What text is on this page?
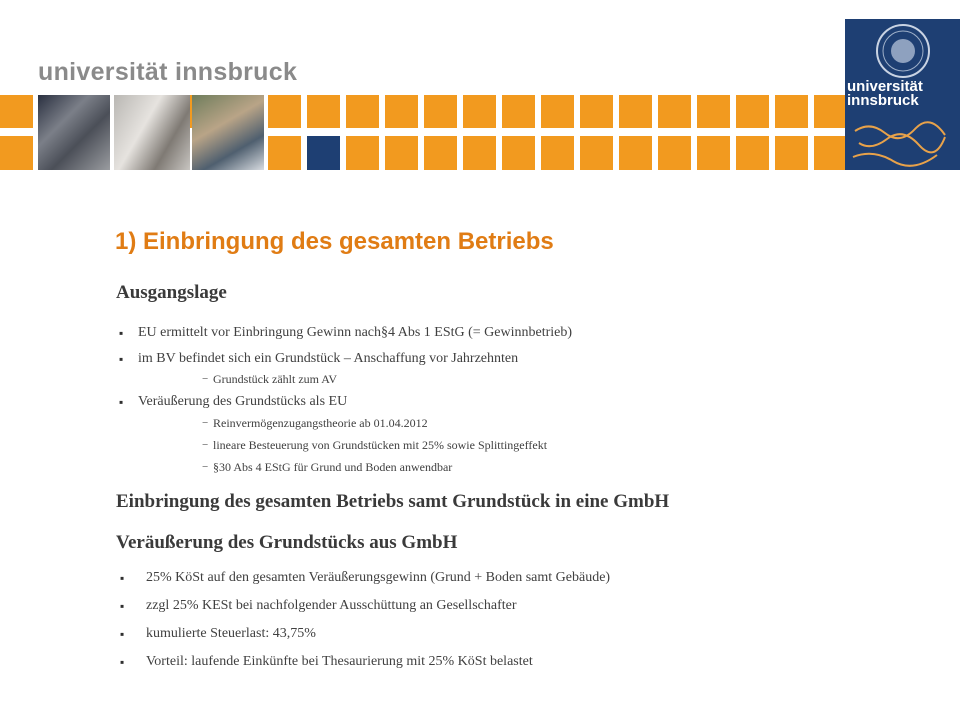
universität innsbruck
universität
innsbruck
1) Einbringung des gesamten Betriebs

Ausgangslage

▪ EU ermittelt vor Einbringung Gewinn nach§4 Abs 1 EStG (= Gewinnbetrieb)

▪ im BV befindet sich ein Grundstück – Anschaffung vor Jahrzehnten

− Grundstück zählt zum AV

▪ Veräußerung des Grundstücks als EU

− Reinvermögenzugangstheorie ab 01.04.2012

− lineare Besteuerung von Grundstücken mit 25% sowie Splittingeffekt

− §30 Abs 4 EStG für Grund und Boden anwendbar

Einbringung des gesamten Betriebs samt Grundstück in eine GmbH

Veräußerung des Grundstücks aus GmbH

▪ 25% KöSt auf den gesamten Veräußerungsgewinn (Grund + Boden samt Gebäude)

▪ zzgl 25% KESt bei nachfolgender Ausschüttung an Gesellschafter

▪ kumulierte Steuerlast: 43,75%

▪ Vorteil: laufende Einkünfte bei Thesaurierung mit 25% KöSt belastet
